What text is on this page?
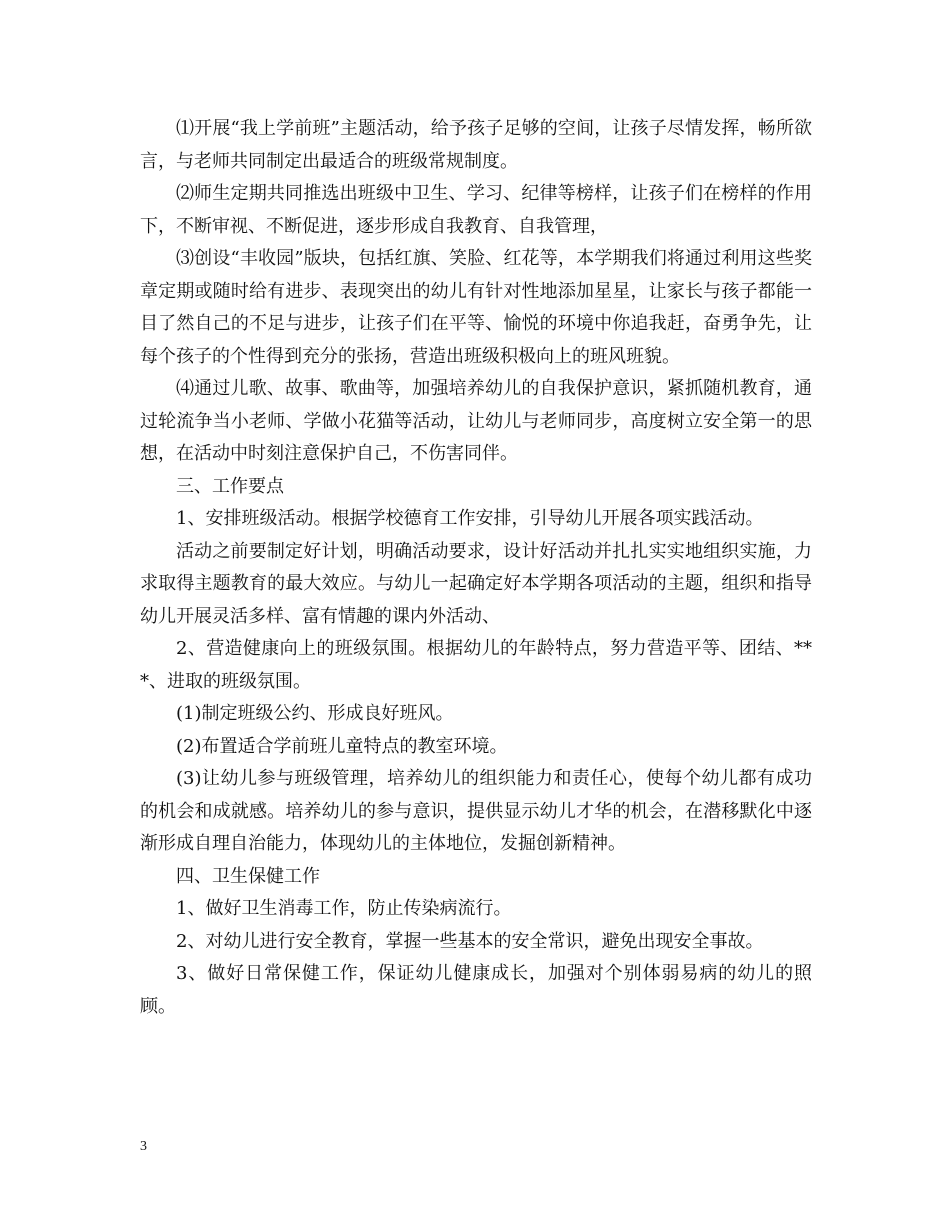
⑴开展“我上学前班”主题活动，给予孩子足够的空间，让孩子尽情发挥，畅所欲言，与老师共同制定出最适合的班级常规制度。

⑵师生定期共同推选出班级中卫生、学习、纪律等榜样，让孩子们在榜样的作用下，不断审视、不断促进，逐步形成自我教育、自我管理，

⑶创设“丰收园”版块，包括红旗、笑脸、红花等，本学期我们将通过利用这些奖章定期或随时给有进步、表现突出的幼儿有针对性地添加星星，让家长与孩子都能一目了然自己的不足与进步，让孩子们在平等、愉悦的环境中你追我赶，奋勇争先，让每个孩子的个性得到充分的张扬，营造出班级积极向上的班风班貌。

⑷通过儿歌、故事、歌曲等，加强培养幼儿的自我保护意识，紧抓随机教育，通过轮流争当小老师、学做小花猫等活动，让幼儿与老师同步，高度树立安全第一的思想，在活动中时刻注意保护自己，不伤害同伴。

三、工作要点

1、安排班级活动。根据学校德育工作安排，引导幼儿开展各项实践活动。

活动之前要制定好计划，明确活动要求，设计好活动并扎扎实实地组织实施，力求取得主题教育的最大效应。与幼儿一起确定好本学期各项活动的主题，组织和指导幼儿开展灵活多样、富有情趣的课内外活动、

2、营造健康向上的班级氛围。根据幼儿的年龄特点，努力营造平等、团结、***、进取的班级氛围。

(1)制定班级公约、形成良好班风。

(2)布置适合学前班儿童特点的教室环境。

(3)让幼儿参与班级管理，培养幼儿的组织能力和责任心，使每个幼儿都有成功的机会和成就感。培养幼儿的参与意识，提供显示幼儿才华的机会，在潜移默化中逐渐形成自理自治能力，体现幼儿的主体地位，发掘创新精神。

四、卫生保健工作

1、做好卫生消毒工作，防止传染病流行。

2、对幼儿进行安全教育，掌握一些基本的安全常识，避免出现安全事故。

3、做好日常保健工作，保证幼儿健康成长，加强对个别体弱易病的幼儿的照顾。

3
